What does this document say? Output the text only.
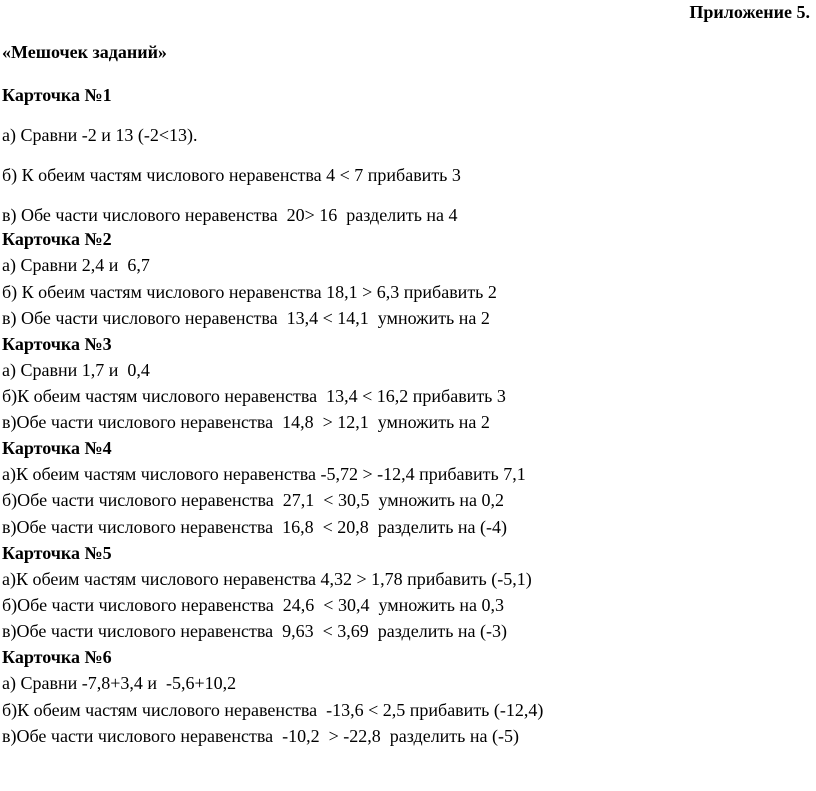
Приложение 5.
«Мешочек заданий»
Карточка №1
а) Сравни -2 и 13 (-2<13).
б) К обеим частям числового неравенства 4 < 7 прибавить 3
в) Обе части числового неравенства  20> 16  разделить на 4
Карточка №2
а) Сравни 2,4 и  6,7
б) К обеим частям числового неравенства 18,1 > 6,3 прибавить 2
в) Обе части числового неравенства  13,4 < 14,1  умножить на 2
Карточка №3
а) Сравни 1,7 и  0,4
б)К обеим частям числового неравенства  13,4 < 16,2 прибавить 3
в)Обе части числового неравенства  14,8  > 12,1  умножить на 2
Карточка №4
а)К обеим частям числового неравенства -5,72 > -12,4 прибавить 7,1
б)Обе части числового неравенства  27,1  < 30,5  умножить на 0,2
в)Обе части числового неравенства  16,8  < 20,8  разделить на (-4)
Карточка №5
а)К обеим частям числового неравенства 4,32 > 1,78 прибавить (-5,1)
б)Обе части числового неравенства  24,6  < 30,4  умножить на 0,3
в)Обе части числового неравенства  9,63  < 3,69  разделить на (-3)
Карточка №6
а) Сравни -7,8+3,4 и  -5,6+10,2
б)К обеим частям числового неравенства  -13,6 < 2,5 прибавить (-12,4)
в)Обе части числового неравенства  -10,2  > -22,8  разделить на (-5)
